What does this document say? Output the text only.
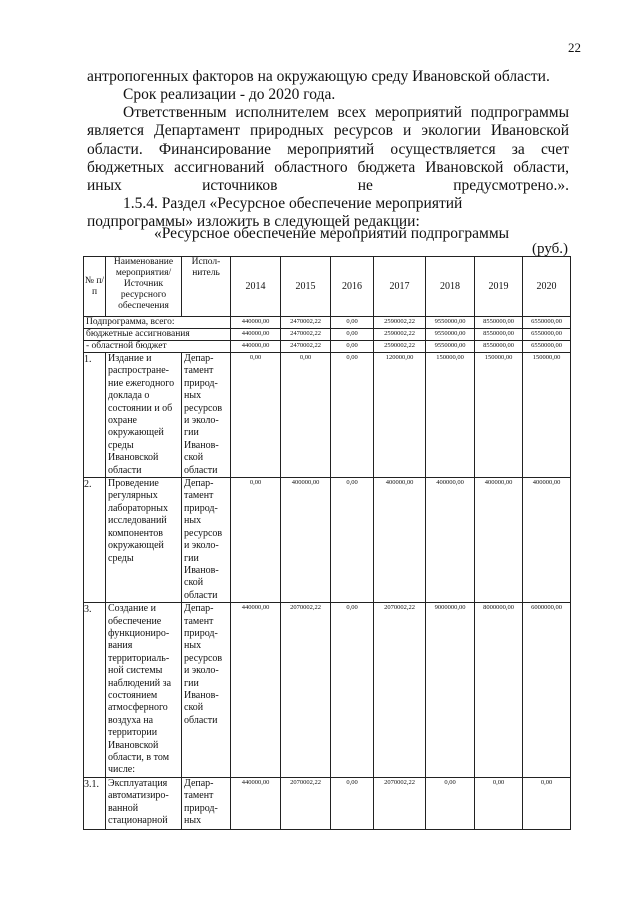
22

антропогенных факторов на окружающую среду Ивановской области.

Срок реализации - до 2020 года.

Ответственным исполнителем всех мероприятий подпрограммы является Департамент природных ресурсов и экологии Ивановской области. Финансирование мероприятий осуществляется за счет бюджетных ассигнований областного бюджета Ивановской области, иных источников не предусмотрено.».

1.5.4. Раздел «Ресурсное обеспечение мероприятий подпрограммы» изложить в следующей редакции:

«Ресурсное обеспечение мероприятий подпрограммы

(руб.)
№ п/п	Наименование мероприятия/ Источник ресурсного обеспечения	Испол-нитель	2014	2015	2016	2017	2018	2019	2020
Подпрограмма, всего:			440000,00	2470002,22	0,00	2590002,22	9550000,00	8550000,00	6550000,00
бюджетные ассигнования			440000,00	2470002,22	0,00	2590002,22	9550000,00	8550000,00	6550000,00
- областной бюджет			440000,00	2470002,22	0,00	2590002,22	9550000,00	8550000,00	6550000,00
1.	Издание и распростране-ние ежегодного доклада о состоянии и об охране окружающей среды Ивановской области	Депар-тамент природ-ных ресурсов и эколо-гии Иванов-ской области	0,00	0,00	0,00	120000,00	150000,00	150000,00	150000,00
2.	Проведение регулярных лабораторных исследований компонентов окружающей среды	Депар-тамент природ-ных ресурсов и эколо-гии Иванов-ской области	0,00	400000,00	0,00	400000,00	400000,00	400000,00	400000,00
3.	Создание и обеспечение функциониро-вания территориаль-ной системы наблюдений за состоянием атмосферного воздуха на территории Ивановской области, в том числе:	Депар-тамент природ-ных ресурсов и эколо-гии Иванов-ской области	440000,00	2070002,22	0,00	2070002,22	9000000,00	8000000,00	6000000,00
3.1.	Эксплуатация автоматизиро-ванной стационарной	Депар-тамент природ-ных	440000,00	2070002,22	0,00	2070002,22	0,00	0,00	0,00
